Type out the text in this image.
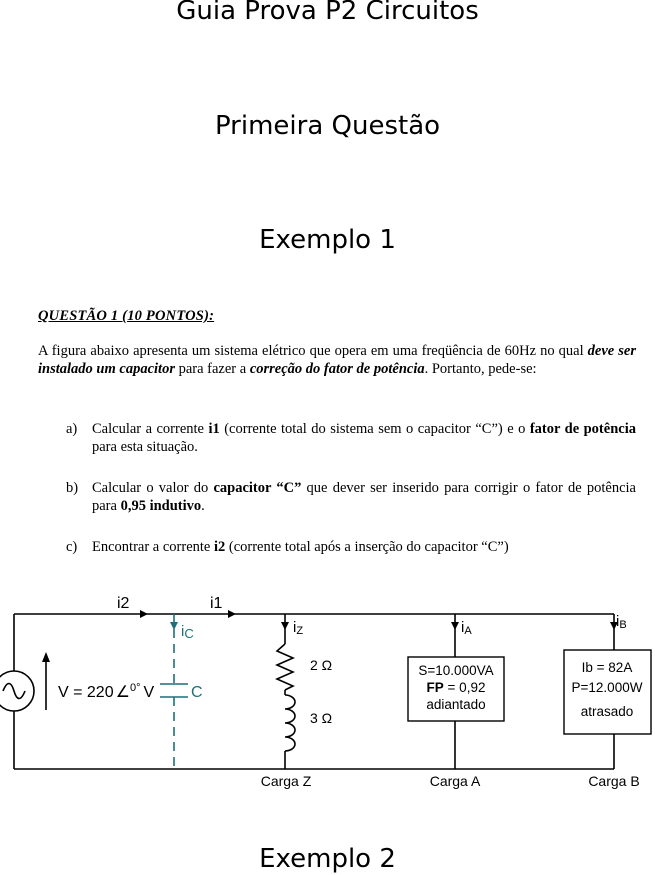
Guia Prova P2 Circuitos
Primeira Questão
Exemplo 1
QUESTÃO 1 (10 PONTOS):
A figura abaixo apresenta um sistema elétrico que opera em uma freqüência de 60Hz no qual deve ser instalado um capacitor para fazer a correção do fator de potência. Portanto, pede-se:
a) Calcular a corrente i1 (corrente total do sistema sem o capacitor “C”) e o fator de potência para esta situação.
b) Calcular o valor do capacitor “C” que dever ser inserido para corrigir o fator de potência para 0,95 indutivo.
c) Encontrar a corrente i2 (corrente total após a inserção do capacitor “C”)
i2	i1
iZ	iA
iB
V = 220 ∠$^0$° V
iC
C
2 Ω
3 Ω
S=10.000VA
FP = 0,92
adiantado
Ib = 82A
P=12.000W
atrasado
Carga Z	Carga A	Carga B
Exemplo 2
